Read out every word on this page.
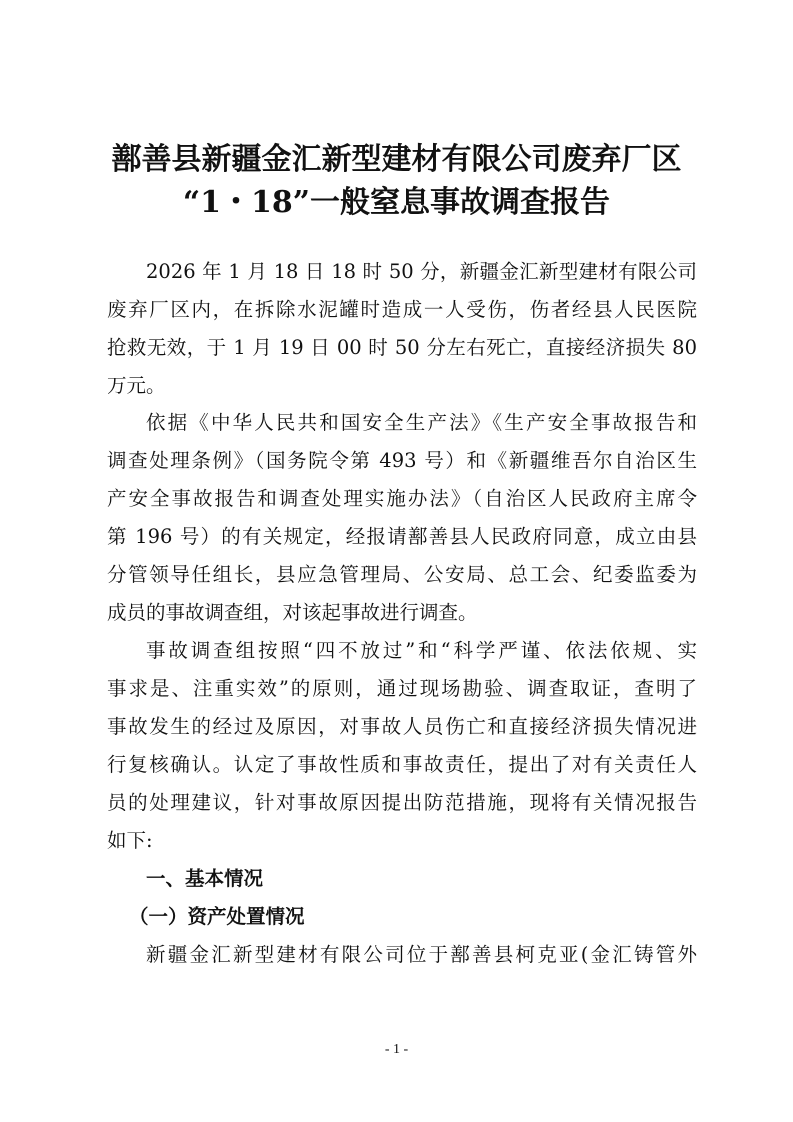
鄯善县新疆金汇新型建材有限公司废弃厂区
“1・18”一般窒息事故调查报告
2026 年 1 月 18 日 18 时 50 分，新疆金汇新型建材有限公司
废弃厂区内，在拆除水泥罐时造成一人受伤，伤者经县人民医院
抢救无效，于 1 月 19 日 00 时 50 分左右死亡，直接经济损失 80
万元。
依据《中华人民共和国安全生产法》《生产安全事故报告和
调查处理条例》（国务院令第 493 号）和《新疆维吾尔自治区生
产安全事故报告和调查处理实施办法》（自治区人民政府主席令
第 196 号）的有关规定，经报请鄯善县人民政府同意，成立由县
分管领导任组长，县应急管理局、公安局、总工会、纪委监委为
成员的事故调查组，对该起事故进行调查。
事故调查组按照“四不放过”和“科学严谨、依法依规、实
事求是、注重实效”的原则，通过现场勘验、调查取证，查明了
事故发生的经过及原因，对事故人员伤亡和直接经济损失情况进
行复核确认。认定了事故性质和事故责任，提出了对有关责任人
员的处理建议，针对事故原因提出防范措施，现将有关情况报告
如下:
一、基本情况
（一）资产处置情况
新疆金汇新型建材有限公司位于鄯善县柯克亚(金汇铸管外
- 1 -
